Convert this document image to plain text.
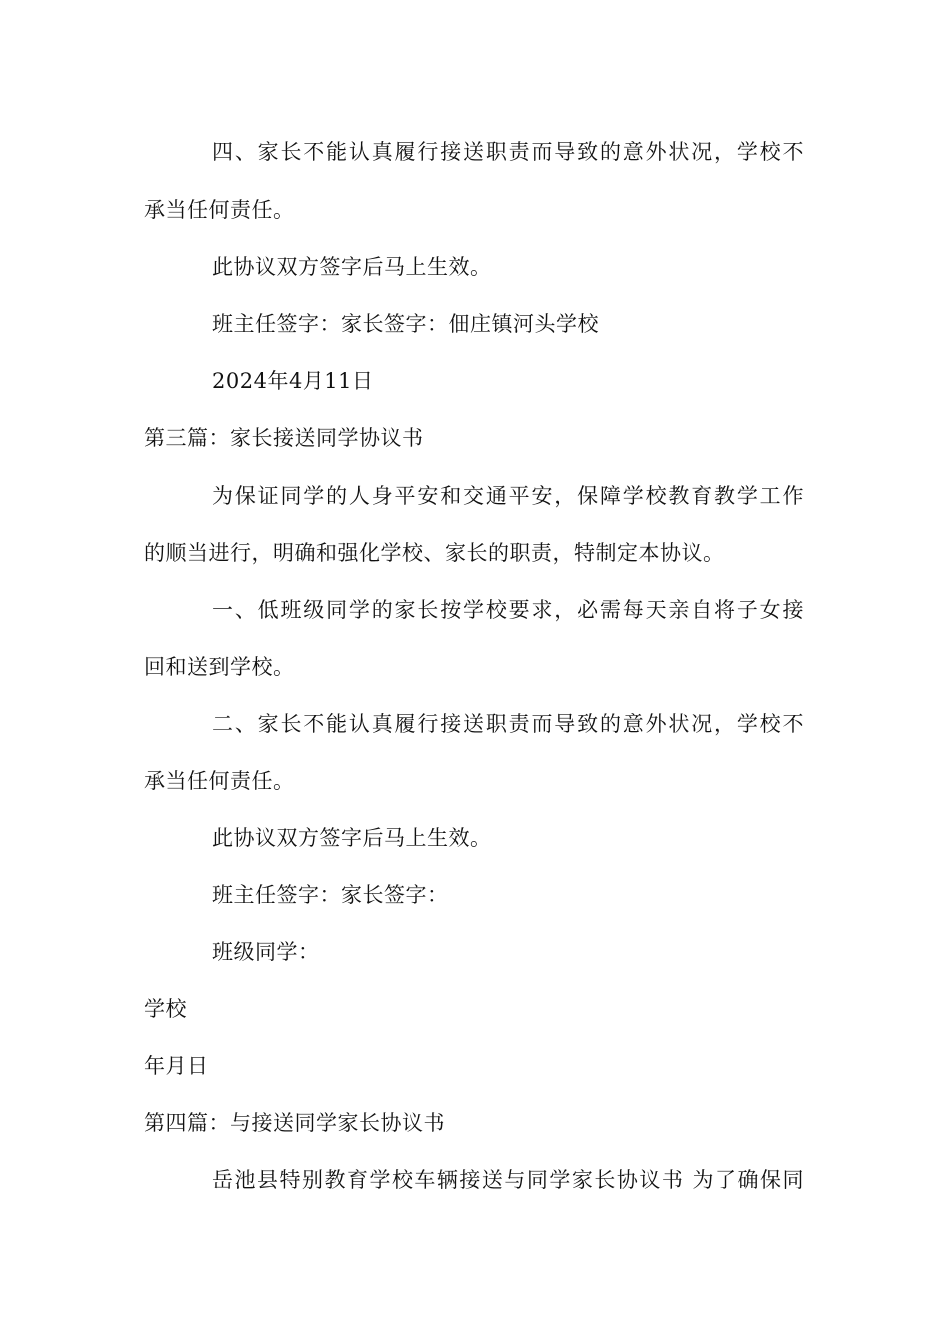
四、家长不能认真履行接送职责而导致的意外状况，学校不
承当任何责任。
此协议双方签字后马上生效。
班主任签字：家长签字：佃庄镇河头学校
2024年4月11日
第三篇：家长接送同学协议书
为保证同学的人身平安和交通平安，保障学校教育教学工作
的顺当进行，明确和强化学校、家长的职责，特制定本协议。
一、低班级同学的家长按学校要求，必需每天亲自将子女接
回和送到学校。
二、家长不能认真履行接送职责而导致的意外状况，学校不
承当任何责任。
此协议双方签字后马上生效。
班主任签字：家长签字：
班级同学：
学校
年月日
第四篇：与接送同学家长协议书
岳池县特别教育学校车辆接送与同学家长协议书 为了确保同
